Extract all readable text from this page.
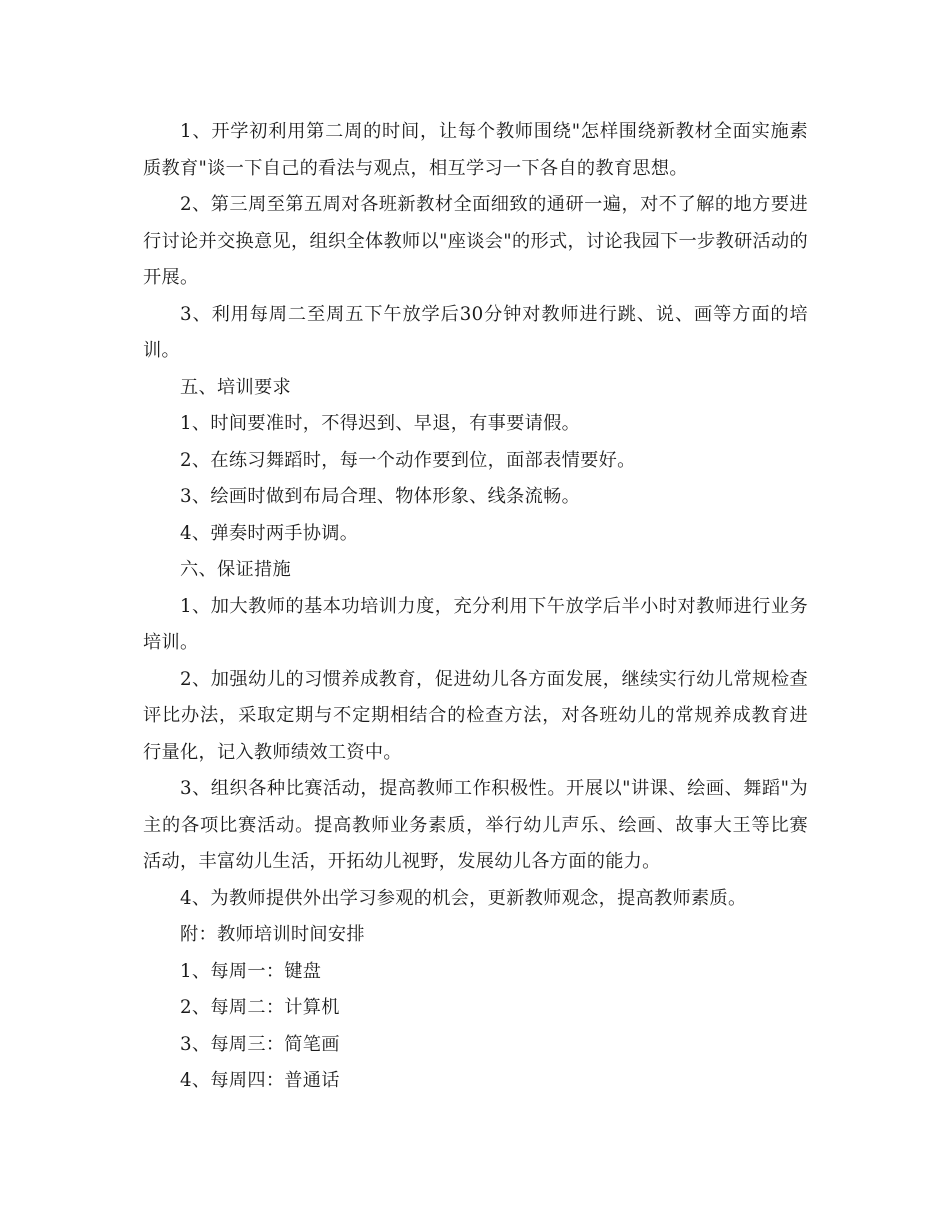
1、开学初利用第二周的时间，让每个教师围绕"怎样围绕新教材全面实施素质教育"谈一下自己的看法与观点，相互学习一下各自的教育思想。

2、第三周至第五周对各班新教材全面细致的通研一遍，对不了解的地方要进行讨论并交换意见，组织全体教师以"座谈会"的形式，讨论我园下一步教研活动的开展。

3、利用每周二至周五下午放学后30分钟对教师进行跳、说、画等方面的培训。

五、培训要求

1、时间要准时，不得迟到、早退，有事要请假。

2、在练习舞蹈时，每一个动作要到位，面部表情要好。

3、绘画时做到布局合理、物体形象、线条流畅。

4、弹奏时两手协调。

六、保证措施

1、加大教师的基本功培训力度，充分利用下午放学后半小时对教师进行业务培训。

2、加强幼儿的习惯养成教育，促进幼儿各方面发展，继续实行幼儿常规检查评比办法，采取定期与不定期相结合的检查方法，对各班幼儿的常规养成教育进行量化，记入教师绩效工资中。

3、组织各种比赛活动，提高教师工作积极性。开展以"讲课、绘画、舞蹈"为主的各项比赛活动。提高教师业务素质，举行幼儿声乐、绘画、故事大王等比赛活动，丰富幼儿生活，开拓幼儿视野，发展幼儿各方面的能力。

4、为教师提供外出学习参观的机会，更新教师观念，提高教师素质。

附：教师培训时间安排

1、每周一：键盘

2、每周二：计算机

3、每周三：简笔画

4、每周四：普通话
